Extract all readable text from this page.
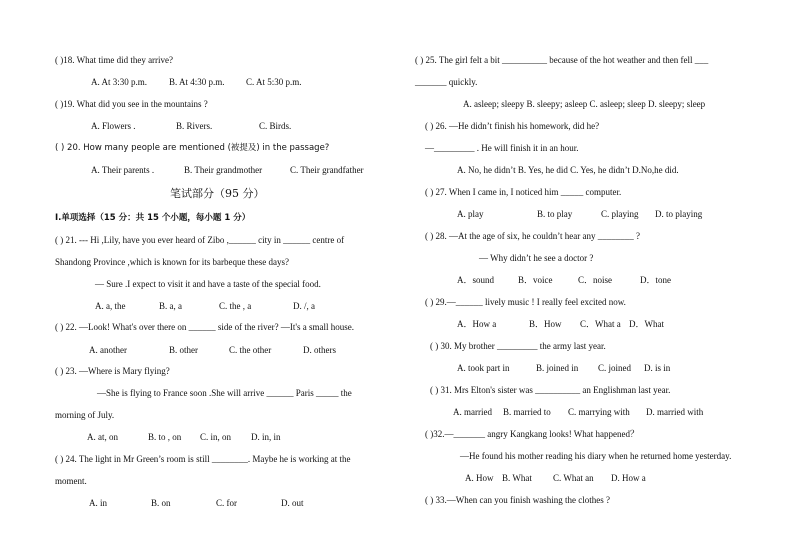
( )18. What time did they arrive?
A. At 3:30 p.m. B. At 4:30 p.m. C. At 5:30 p.m.
( )19. What did you see in the mountains ?
A. Flowers .	B. Rivers.	C. Birds.
( ) 20. How many people are mentioned (被提及) in the passage?
A. Their parents .	B. Their grandmother	C. Their grandfather
笔试部分（95 分）
I.单项选择（15 分：共 15 个小题，每小题 1 分）
( ) 21. --- Hi ,Lily, have you ever heard of Zibo ,______ city in ______ centre of
Shandong Province ,which is known for its barbeque these days?
— Sure .I expect to visit it and have a taste of the special food.
A. a, the	B. a, a	C. the , a	D. /, a
( ) 22. —Look! What's over there on ______ side of the river? —It's a small house.
A. another	B. other	C. the other	D. others
( ) 23. —Where is Mary flying?
—She is flying to France soon .She will arrive ______ Paris _____ the
morning of July.
A. at, on	B. to , on C. in, on D. in, in
( ) 24. The light in Mr Green’s room is still ________. Maybe he is working at the
moment.
A. in	B. on	C. for	D. out
( ) 25. The girl felt a bit __________ because of the hot weather and then fell ___
_______ quickly.
A. asleep; sleepy B. sleepy; asleep C. asleep; sleep D. sleepy; sleep
( ) 26. —He didn’t finish his homework, did he?
—_________ . He will finish it in an hour.
A. No, he didn’t B. Yes, he did C. Yes, he didn’t D.No,he did.
( ) 27. When I came in, I noticed him _____ computer.
A. play	B. to play	C. playing D. to playing
( ) 28. —At the age of six, he couldn’t hear any ________ ?
— Why didn’t he see a doctor ?
A．sound	B．voice	C．noise	D．tone
( ) 29.—______ lively music ! I really feel excited now.
A．How a	B．How C．What a D．What
( ) 30. My brother _________ the army last year.
A. took part in	B. joined in C. joined D. is in
( ) 31. Mrs Elton's sister was __________ an Englishman last year.
A. married B. married to C. marrying with D. married with
( )32.—_______ angry Kangkang looks! What happened？
—He found his mother reading his diary when he returned home yesterday.
A. How B. What C. What an D. How a
( ) 33.—When can you finish washing the clothes ?
